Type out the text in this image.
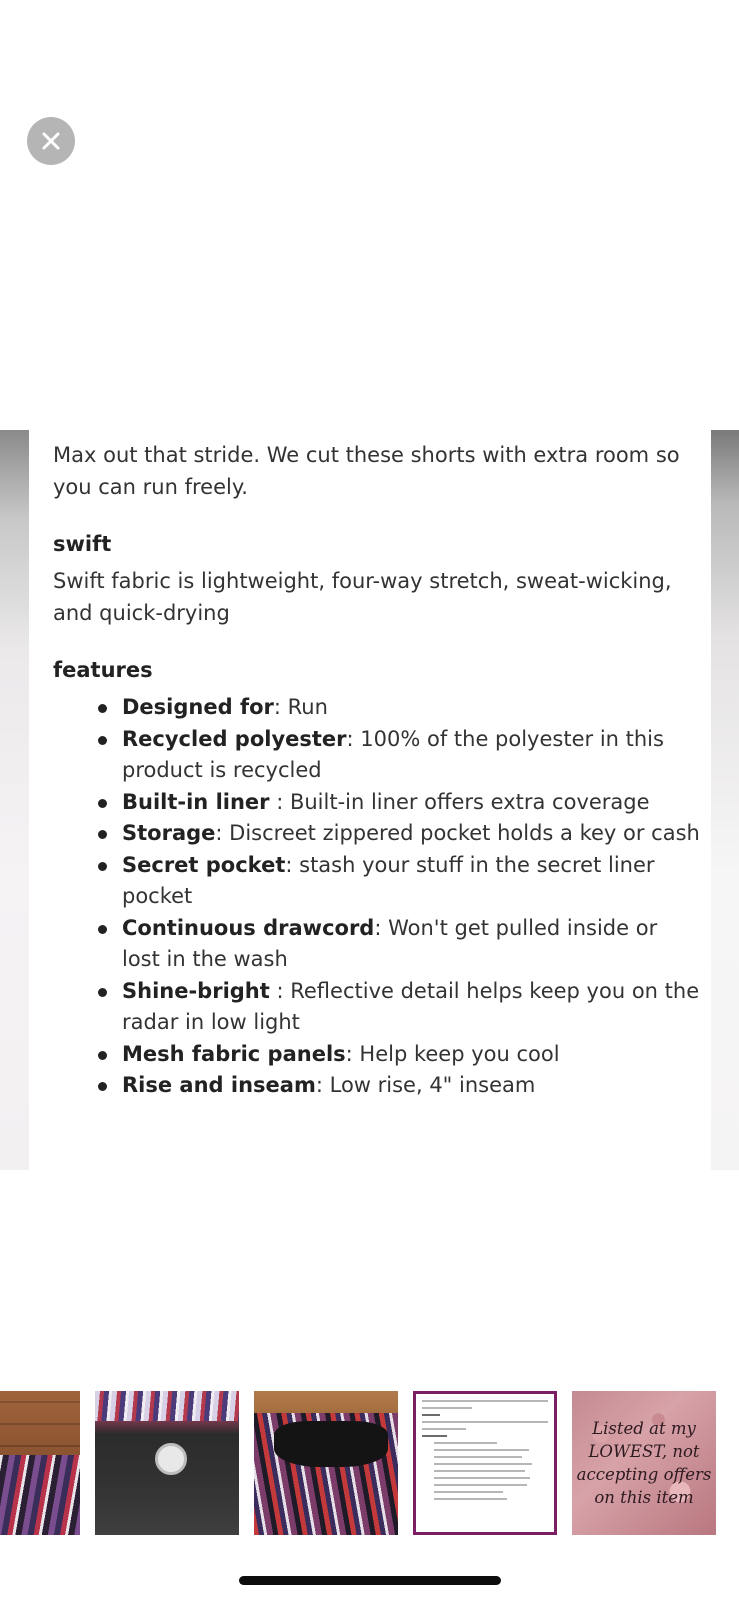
Max out that stride. We cut these shorts with extra room so you can run freely.

swift

Swift fabric is lightweight, four-way stretch, sweat-wicking, and quick-drying

features
Designed for: Run
Recycled polyester: 100% of the polyester in this product is recycled
Built-in liner : Built-in liner offers extra coverage
Storage: Discreet zippered pocket holds a key or cash
Secret pocket: stash your stuff in the secret liner pocket
Continuous drawcord: Won't get pulled inside or lost in the wash
Shine-bright : Reflective detail helps keep you on the radar in low light
Mesh fabric panels: Help keep you cool
Rise and inseam: Low rise, 4" inseam
Listed at my LOWEST, not accepting offers on this item
